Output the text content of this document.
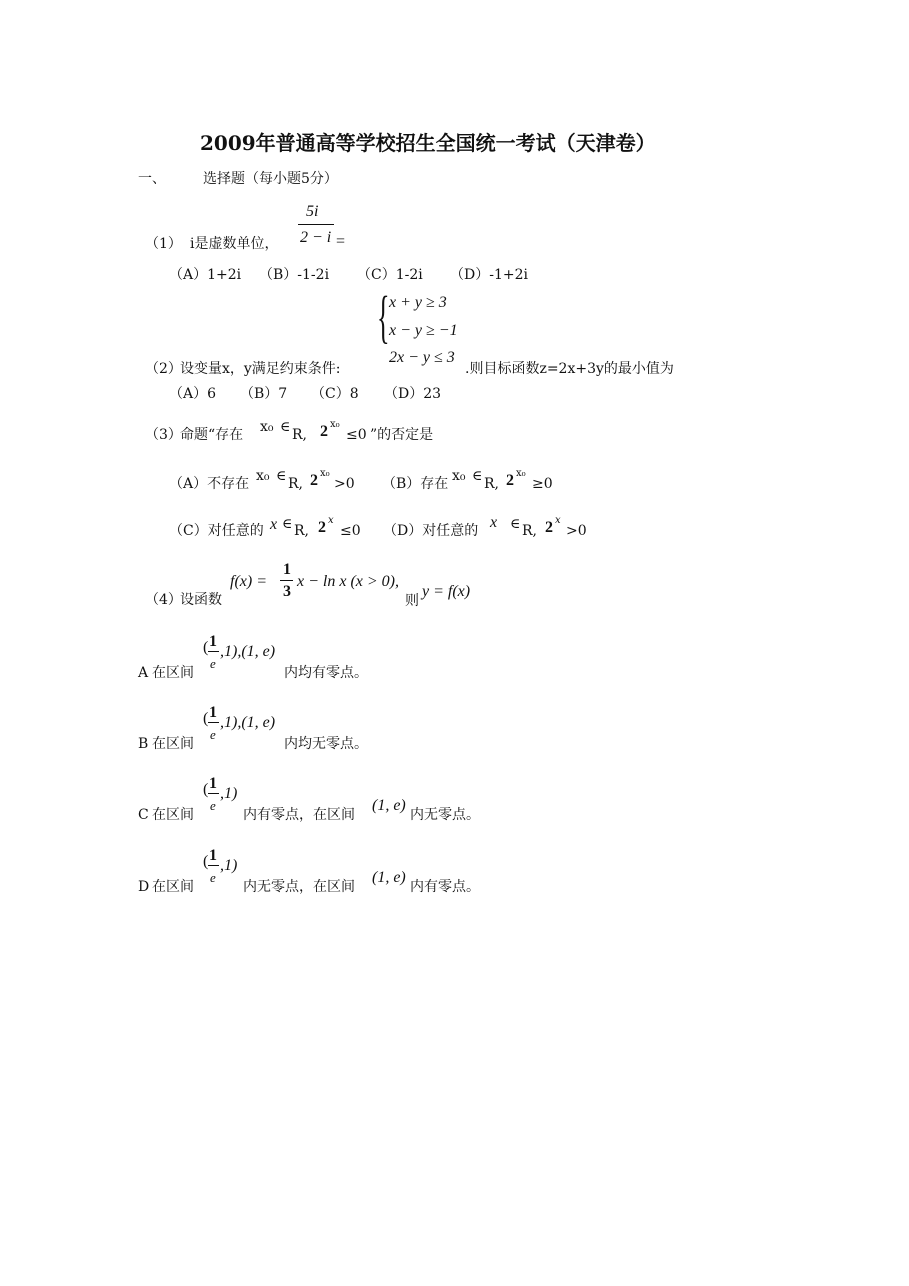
2009年普通高等学校招生全国统一考试（天津卷）
一、	选择题（每小题5分）
（1） i是虚数单位，
5i
2 − i =
（A）1+2i （B）-1-2i （C）1-2i （D）-1+2i
{ x + y ≥ 3
x − y ≥ −1
2x − y ≤ 3
（2）
设变量x，y满足约束条件:	.则目标函数z=2x+3y的最小值为
（A）6 （B）7 （C）8 （D）23
（3）
命题“存在 x₀ ∈ R, 2 x₀
≤0 ”的否定是
（A）不存在 x₀ ∈ R, 2 x₀
>0 （B）存在 x₀ ∈ R, 2 x₀
≥0
（C）对任意的 x ∈ R, 2 x
≤0 （D）对任意的 x ∈ R, 2 x
>0
（4）
设函数
f(x) =
1
3
x − ln x (x > 0),
则
y = f(x)
A 在区间
( 1
e
,1),(1, e)
内均有零点。
B 在区间
( 1
e
,1),(1, e)
内均无零点。
C 在区间
( 1
e
,1)
内有零点，在区间
(1, e)
内无零点。
D 在区间
( 1
e
,1)
内无零点，在区间
(1, e)
内有零点。
